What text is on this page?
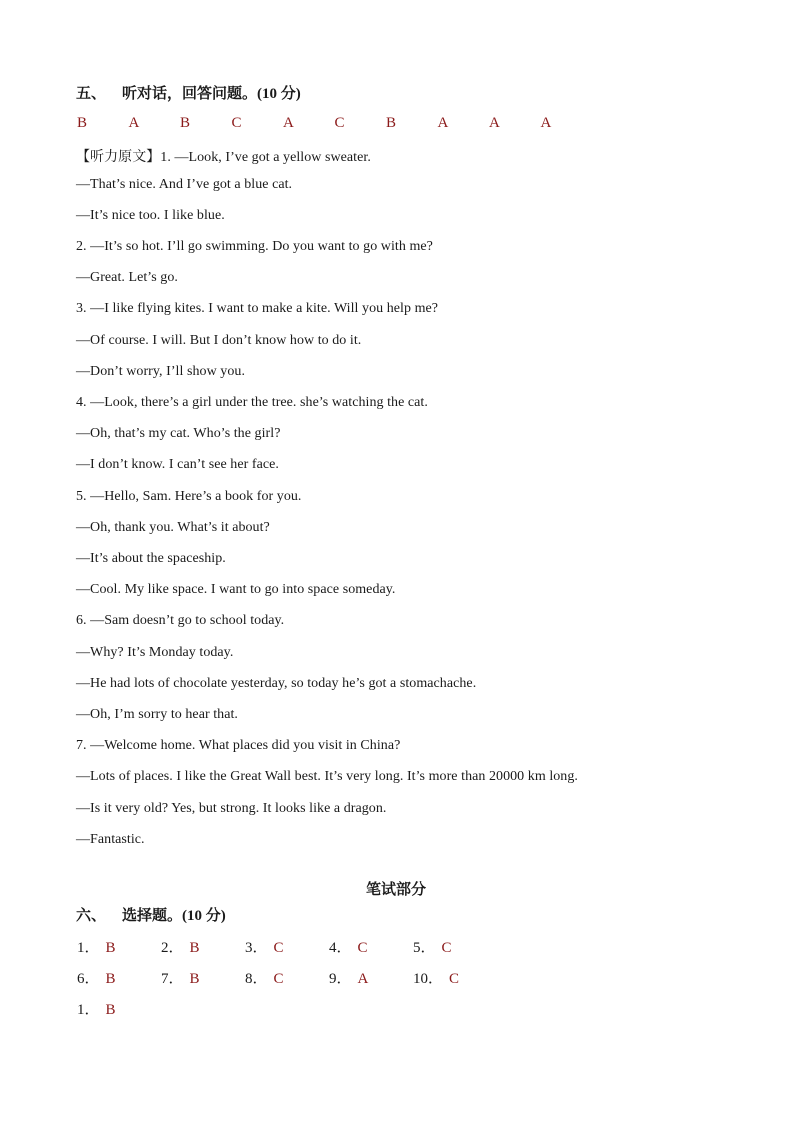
五、 听对话，回答问题。(10 分)
B	A	B	C	A	C	B	A	A	A
【听力原文】1. —Look, I’ve got a yellow sweater.
—That’s nice. And I’ve got a blue cat.
—It’s nice too. I like blue.
2. —It’s so hot. I’ll go swimming. Do you want to go with me?
—Great. Let’s go.
3. —I like flying kites. I want to make a kite. Will you help me?
—Of course. I will. But I don’t know how to do it.
—Don’t worry, I’ll show you.
4. —Look, there’s a girl under the tree. she’s watching the cat.
—Oh, that’s my cat. Who’s the girl?
—I don’t know. I can’t see her face.
5. —Hello, Sam. Here’s a book for you.
—Oh, thank you. What’s it about?
—It’s about the spaceship.
—Cool. My like space. I want to go into space someday.
6. —Sam doesn’t go to school today.
—Why? It’s Monday today.
—He had lots of chocolate yesterday, so today he’s got a stomachache.
—Oh, I’m sorry to hear that.
7. —Welcome home. What places did you visit in China?
—Lots of places. I like the Great Wall best. It’s very long. It’s more than 20000 km long.
—Is it very old? Yes, but strong. It looks like a dragon.
—Fantastic.
笔试部分
六、 选择题。(10 分)
1． B	2． B	3． C	4． C	5． C
6． B	7． B	8． C	9． A	10． C
1． B
